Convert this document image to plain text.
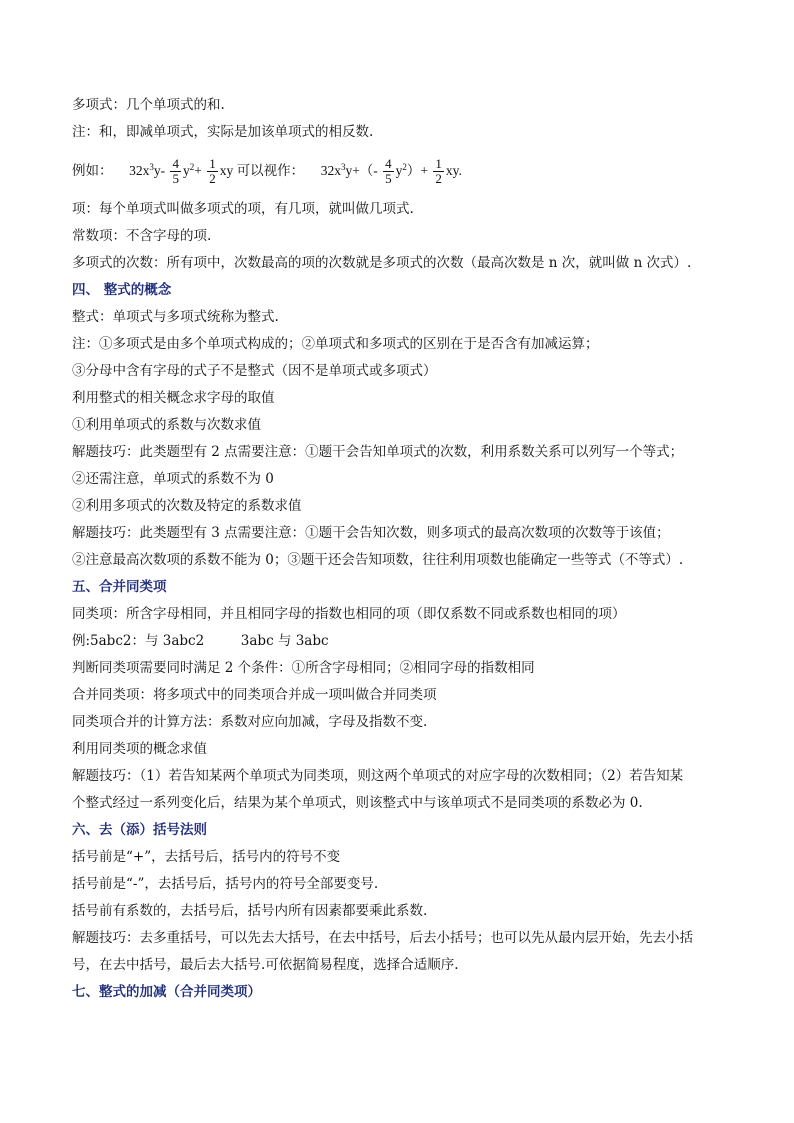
多项式：几个单项式的和.
注：和，即减单项式，实际是加该单项式的相反数.
例如： $32x^3y- \frac{4}{5} y^2+ \frac{1}{2}$ xy 可以视作： $32x^3y+(- \frac{4}{5} y^2)+ \frac{1}{2}$ xy.
项：每个单项式叫做多项式的项，有几项，就叫做几项式.
常数项：不含字母的项.
多项式的次数：所有项中，次数最高的项的次数就是多项式的次数（最高次数是 n 次，就叫做 n 次式）.
四、 整式的概念
整式：单项式与多项式统称为整式.
注：①多项式是由多个单项式构成的；②单项式和多项式的区别在于是否含有加减运算；
③分母中含有字母的式子不是整式（因不是单项式或多项式）
利用整式的相关概念求字母的取值
①利用单项式的系数与次数求值
解题技巧：此类题型有 2 点需要注意：①题干会告知单项式的次数，利用系数关系可以列写一个等式；
②还需注意，单项式的系数不为 0
②利用多项式的次数及特定的系数求值
解题技巧：此类题型有 3 点需要注意：①题干会告知次数，则多项式的最高次数项的次数等于该值；
②注意最高次数项的系数不能为 0；③题干还会告知项数，往往利用项数也能确定一些等式（不等式）.
五、合并同类项
同类项：所含字母相同，并且相同字母的指数也相同的项（即仅系数不同或系数也相同的项）
例:5abc2：与 3abc2	3abc 与 3abc
判断同类项需要同时满足 2 个条件：①所含字母相同；②相同字母的指数相同
合并同类项：将多项式中的同类项合并成一项叫做合并同类项
同类项合并的计算方法：系数对应向加减，字母及指数不变.
利用同类项的概念求值
解题技巧：（1）若告知某两个单项式为同类项，则这两个单项式的对应字母的次数相同；（2）若告知某
个整式经过一系列变化后，结果为某个单项式，则该整式中与该单项式不是同类项的系数必为 0.
六、去（添）括号法则
括号前是“+”，去括号后，括号内的符号不变
括号前是“-”，去括号后，括号内的符号全部要变号.
括号前有系数的，去括号后，括号内所有因素都要乘此系数.
解题技巧：去多重括号，可以先去大括号，在去中括号，后去小括号；也可以先从最内层开始，先去小括
号，在去中括号，最后去大括号.可依据简易程度，选择合适顺序.
七、整式的加减（合并同类项）
